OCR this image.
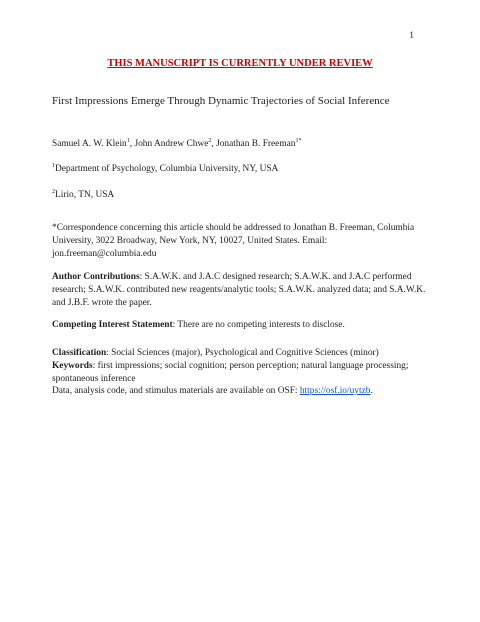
1
THIS MANUSCRIPT IS CURRENTLY UNDER REVIEW
First Impressions Emerge Through Dynamic Trajectories of Social Inference
Samuel A. W. Klein$^1$, John Andrew Chwe$^2$, Jonathan B. Freeman$^{1*}$
$^1$Department of Psychology, Columbia University, NY, USA
$^2$Lirio, TN, USA
*Correspondence concerning this article should be addressed to Jonathan B. Freeman, Columbia University, 3022 Broadway, New York, NY, 10027, United States. Email: jon.freeman@columbia.edu
Author Contributions: S.A.W.K. and J.A.C designed research; S.A.W.K. and J.A.C performed research; S.A.W.K. contributed new reagents/analytic tools; S.A.W.K. analyzed data; and S.A.W.K. and J.B.F. wrote the paper.
Competing Interest Statement: There are no competing interests to disclose.
Classification: Social Sciences (major), Psychological and Cognitive Sciences (minor)
Keywords: first impressions; social cognition; person perception; natural language processing; spontaneous inference
Data, analysis code, and stimulus materials are available on OSF: https://osf.io/uytzb.
